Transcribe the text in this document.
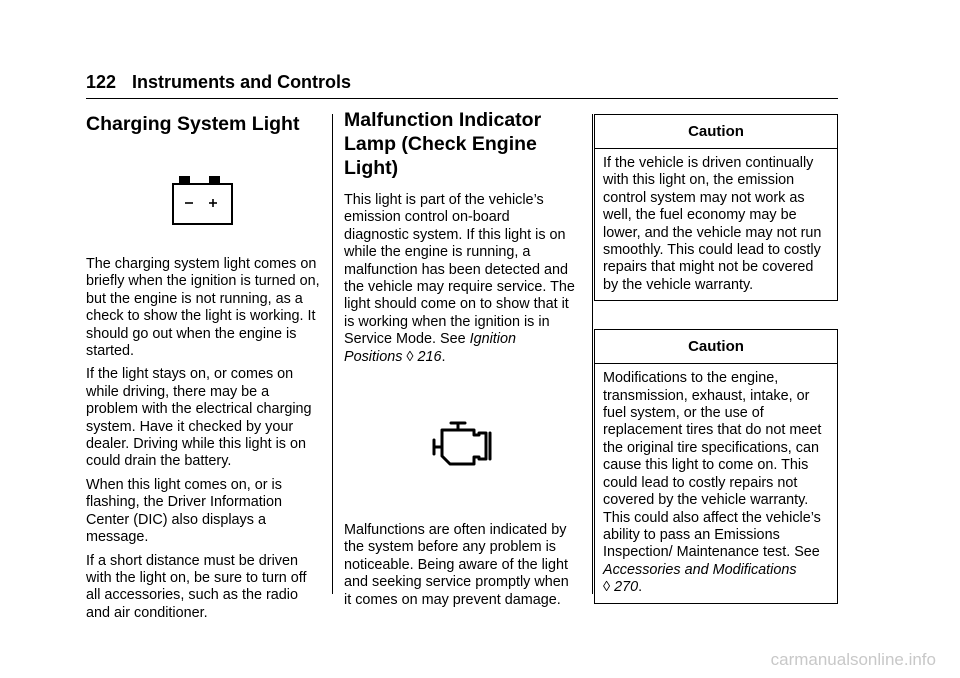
122 Instruments and Controls
Charging System Light

The charging system light comes on briefly when the ignition is turned on, but the engine is not running, as a check to show the light is working. It should go out when the engine is started.

If the light stays on, or comes on while driving, there may be a problem with the electrical charging system. Have it checked by your dealer. Driving while this light is on could drain the battery.

When this light comes on, or is flashing, the Driver Information Center (DIC) also displays a message.

If a short distance must be driven with the light on, be sure to turn off all accessories, such as the radio and air conditioner.

Malfunction Indicator Lamp (Check Engine Light)

This light is part of the vehicle’s emission control on-board diagnostic system. If this light is on while the engine is running, a malfunction has been detected and the vehicle may require service. The light should come on to show that it is working when the ignition is in Service Mode. See Ignition Positions ◊ 216.

Malfunctions are often indicated by the system before any problem is noticeable. Being aware of the light and seeking service promptly when it comes on may prevent damage.

Caution

If the vehicle is driven continually with this light on, the emission control system may not work as well, the fuel economy may be lower, and the vehicle may not run smoothly. This could lead to costly repairs that might not be covered by the vehicle warranty.

Caution

Modifications to the engine, transmission, exhaust, intake, or fuel system, or the use of replacement tires that do not meet the original tire specifications, can cause this light to come on. This could lead to costly repairs not covered by the vehicle warranty. This could also affect the vehicle’s ability to pass an Emissions Inspection/ Maintenance test. See Accessories and Modifications
◊ 270.

carmanualsonline.info
